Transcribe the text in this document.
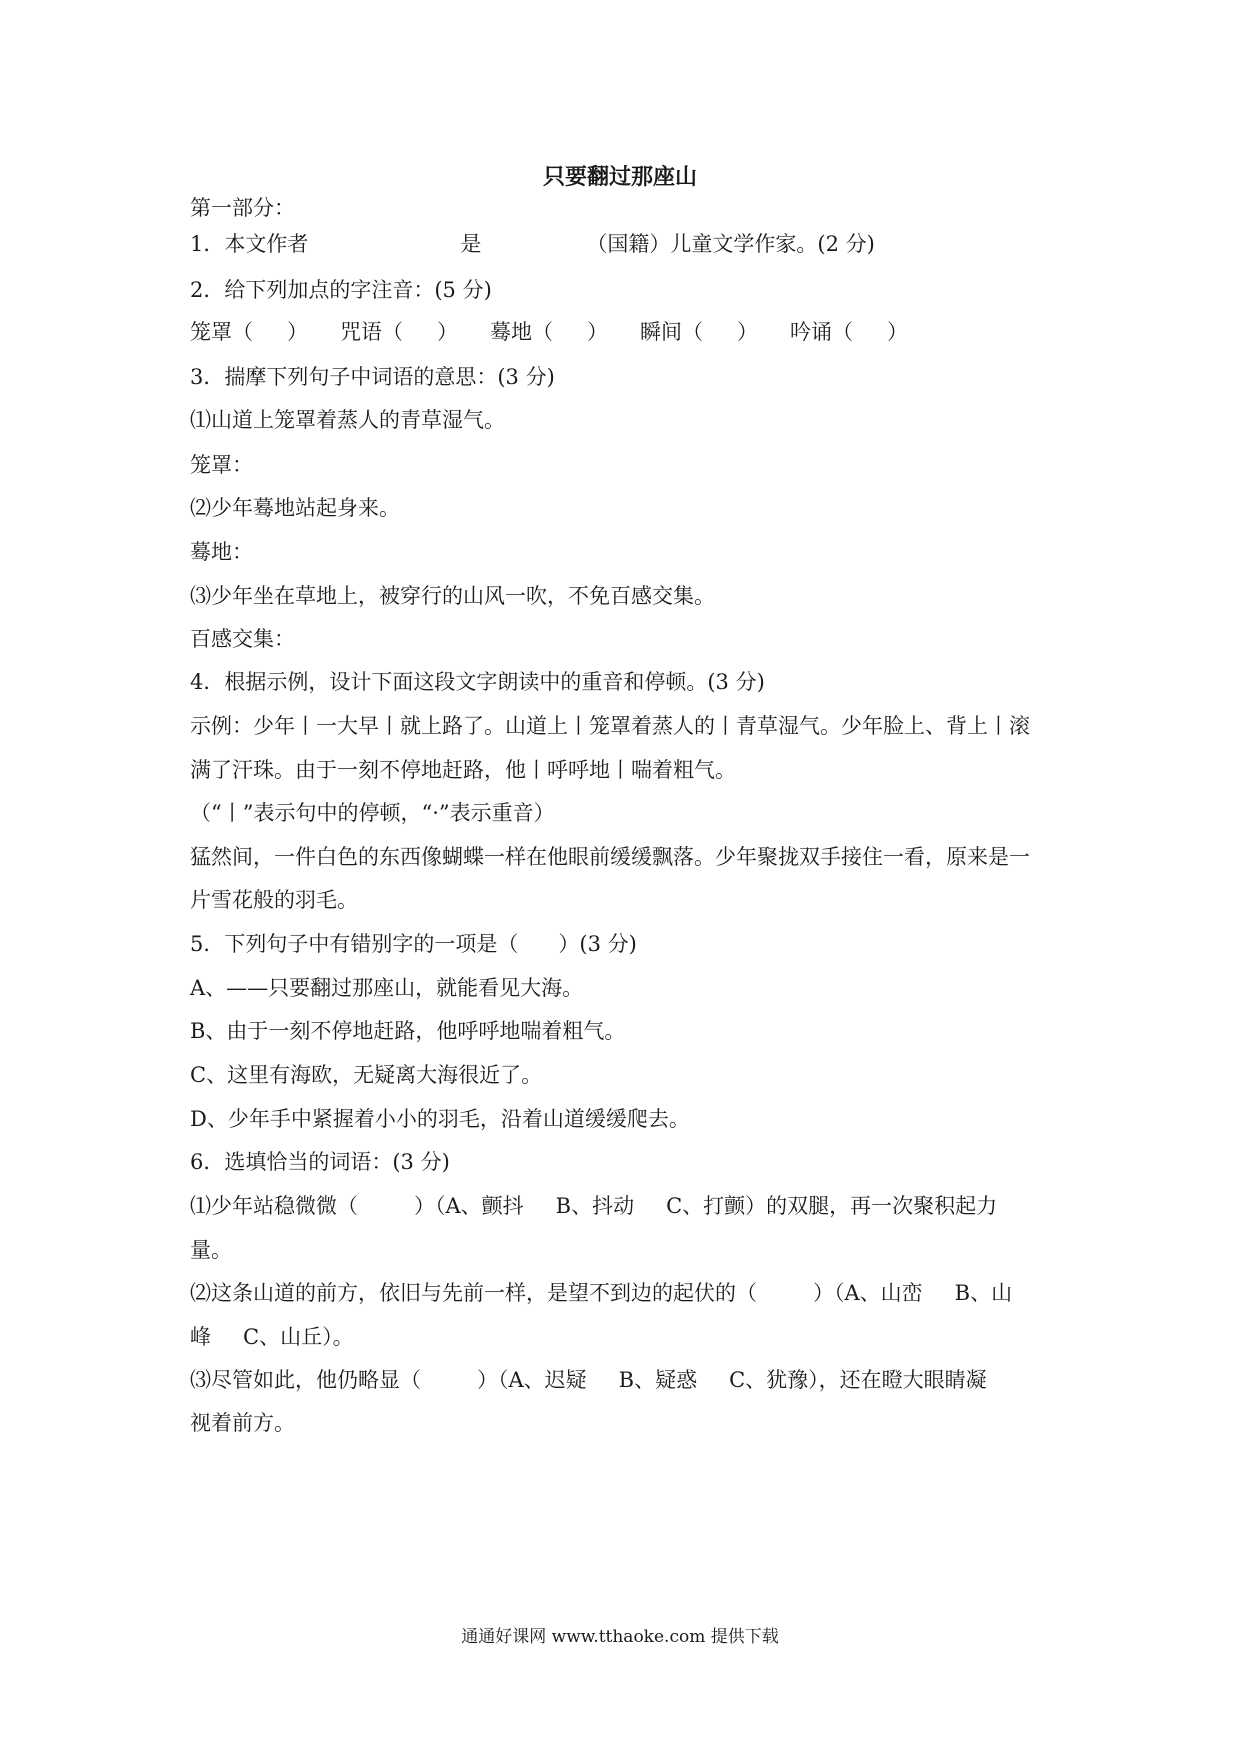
只要翻过那座山
第一部分：
1．本文作者	是	（国籍）儿童文学作家。(2 分)
2．给下列加点的字注音：(5 分)
笼罩（ ） 咒语（ ） 蓦地（ ） 瞬间（ ） 吟诵（ ）
3．揣摩下列句子中词语的意思：(3 分)
⑴山道上笼罩着蒸人的青草湿气。
笼罩：
⑵少年蓦地站起身来。
蓦地：
⑶少年坐在草地上，被穿行的山风一吹，不免百感交集。
百感交集：
4．根据示例，设计下面这段文字朗读中的重音和停顿。(3 分)
示例：少年丨一大早丨就上路了。山道上丨笼罩着蒸人的丨青草湿气。少年脸上、背上丨滚
满了汗珠。由于一刻不停地赶路，他丨呼呼地丨喘着粗气。
（“丨”表示句中的停顿，“·”表示重音）
猛然间，一件白色的东西像蝴蝶一样在他眼前缓缓飘落。少年聚拢双手接住一看，原来是一
片雪花般的羽毛。
5．下列句子中有错别字的一项是（ ）(3 分)
A、——只要翻过那座山，就能看见大海。
B、由于一刻不停地赶路，他呼呼地喘着粗气。
C、这里有海欧，无疑离大海很近了。
D、少年手中紧握着小小的羽毛，沿着山道缓缓爬去。
6．选填恰当的词语：(3 分)
⑴少年站稳微微（	）（A、颤抖 B、抖动 C、打颤）的双腿，再一次聚积起力
量。
⑵这条山道的前方，依旧与先前一样，是望不到边的起伏的（	）（A、山峦 B、山
峰 C、山丘）。
⑶尽管如此，他仍略显（	）（A、迟疑 B、疑惑 C、犹豫），还在瞪大眼睛凝
视着前方。
通通好课网 www.tthaoke.com 提供下载
